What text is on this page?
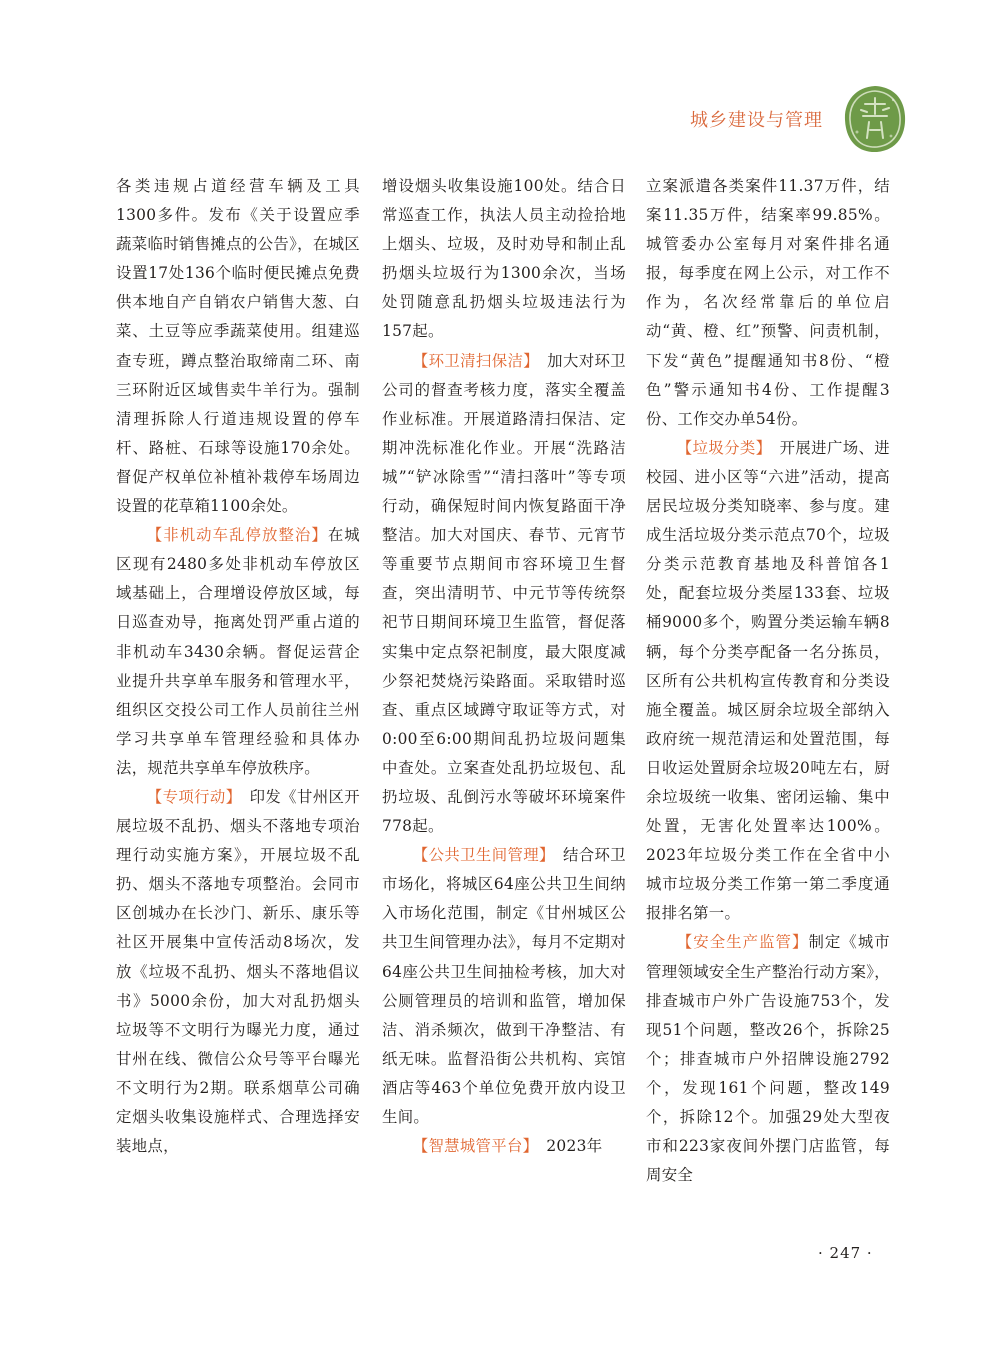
城乡建设与管理

各类违规占道经营车辆及工具1300多件。发布《关于设置应季蔬菜临时销售摊点的公告》，在城区设置17处136个临时便民摊点免费供本地自产自销农户销售大葱、白菜、土豆等应季蔬菜使用。组建巡查专班，蹲点整治取缔南二环、南三环附近区域售卖牛羊行为。强制清理拆除人行道违规设置的停车杆、路桩、石球等设施170余处。督促产权单位补植补栽停车场周边设置的花草箱1100余处。

【非机动车乱停放整治】在城区现有2480多处非机动车停放区域基础上，合理增设停放区域，每日巡查劝导，拖离处罚严重占道的非机动车3430余辆。督促运营企业提升共享单车服务和管理水平，组织区交投公司工作人员前往兰州学习共享单车管理经验和具体办法，规范共享单车停放秩序。

【专项行动】　 印发《甘州区开展垃圾不乱扔、烟头不落地专项治理行动实施方案》，开展垃圾不乱扔、烟头不落地专项整治。会同市区创城办在长沙门、新乐、康乐等社区开展集中宣传活动8场次，发放《垃圾不乱扔、烟头不落地倡议书》5000余份，加大对乱扔烟头垃圾等不文明行为曝光力度，通过甘州在线、微信公众号等平台曝光不文明行为2期。联系烟草公司确定烟头收集设施样式、合理选择安装地点，

增设烟头收集设施100处。结合日常巡查工作，执法人员主动捡拾地上烟头、垃圾，及时劝导和制止乱扔烟头垃圾行为1300余次，当场处罚随意乱扔烟头垃圾违法行为157起。

【环卫清扫保洁】　 加大对环卫公司的督查考核力度，落实全覆盖作业标准。开展道路清扫保洁、定期冲洗标准化作业。开展“洗路洁城”“铲冰除雪”“清扫落叶”等专项行动，确保短时间内恢复路面干净整洁。加大对国庆、春节、元宵节等重要节点期间市容环境卫生督查，突出清明节、中元节等传统祭祀节日期间环境卫生监管，督促落实集中定点祭祀制度，最大限度减少祭祀焚烧污染路面。采取错时巡查、重点区域蹲守取证等方式，对0:00至6:00期间乱扔垃圾问题集中查处。立案查处乱扔垃圾包、乱扔垃圾、乱倒污水等破坏环境案件778起。

【公共卫生间管理】　 结合环卫市场化，将城区64座公共卫生间纳入市场化范围，制定《甘州城区公共卫生间管理办法》，每月不定期对64座公共卫生间抽检考核，加大对公厕管理员的培训和监管，增加保洁、消杀频次，做到干净整洁、有纸无味。监督沿街公共机构、宾馆酒店等463个单位免费开放内设卫生间。

【智慧城管平台】　 2023年

立案派遣各类案件11.37万件，结案11.35万件，结案率99.85%。城管委办公室每月对案件排名通报，每季度在网上公示，对工作不作为，名次经常靠后的单位启动“黄、橙、红”预警、问责机制，下发“黄色”提醒通知书8份、“橙色”警示通知书4份、工作提醒3份、工作交办单54份。

【垃圾分类】　 开展进广场、进校园、进小区等“六进”活动，提高居民垃圾分类知晓率、参与度。建成生活垃圾分类示范点70个，垃圾分类示范教育基地及科普馆各1处，配套垃圾分类屋133套、垃圾桶9000多个，购置分类运输车辆8辆，每个分类亭配备一名分拣员，区所有公共机构宣传教育和分类设施全覆盖。城区厨余垃圾全部纳入政府统一规范清运和处置范围，每日收运处置厨余垃圾20吨左右，厨余垃圾统一收集、密闭运输、集中处置，无害化处置率达100%。2023年垃圾分类工作在全省中小城市垃圾分类工作第一第二季度通报排名第一。

【安全生产监管】制定《城市管理领域安全生产整治行动方案》，排查城市户外广告设施753个，发现51个问题，整改26个，拆除25个；排查城市户外招牌设施2792个，发现161个问题，整改149个，拆除12个。加强29处大型夜市和223家夜间外摆门店监管，每周安全

· 247 ·
